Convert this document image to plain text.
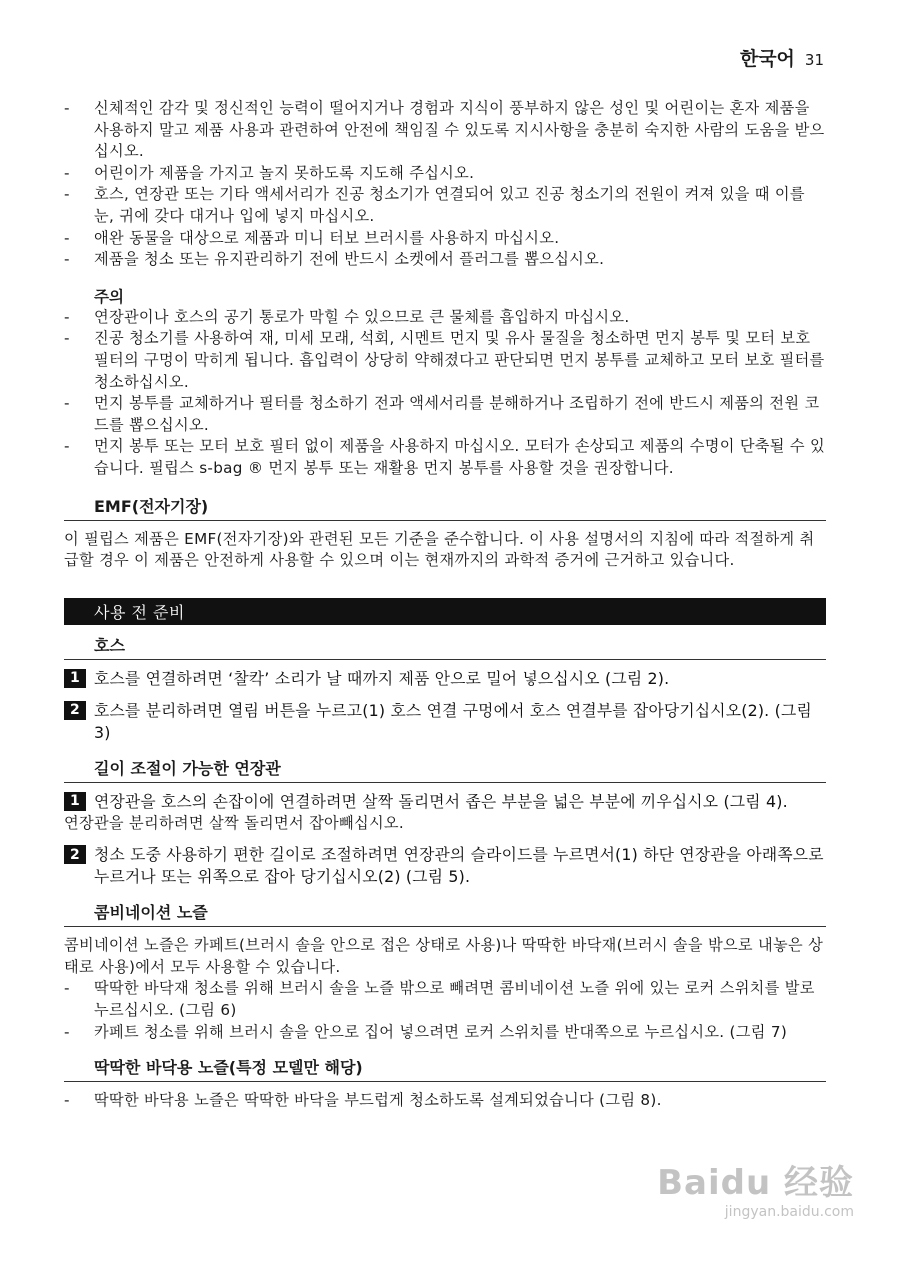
한국어 31
-	신체적인 감각 및 정신적인 능력이 떨어지거나 경험과 지식이 풍부하지 않은 성인 및 어린이는 혼자 제품을 사용하지 말고 제품 사용과 관련하여 안전에 책임질 수 있도록 지시사항을 충분히 숙지한 사람의 도움을 받으십시오.
-	어린이가 제품을 가지고 놀지 못하도록 지도해 주십시오.
-	호스, 연장관 또는 기타 액세서리가 진공 청소기가 연결되어 있고 진공 청소기의 전원이 켜져 있을 때 이를 눈, 귀에 갖다 대거나 입에 넣지 마십시오.
-	애완 동물을 대상으로 제품과 미니 터보 브러시를 사용하지 마십시오.
-	제품을 청소 또는 유지관리하기 전에 반드시 소켓에서 플러그를 뽑으십시오.
주의
-	연장관이나 호스의 공기 통로가 막힐 수 있으므로 큰 물체를 흡입하지 마십시오.
-	진공 청소기를 사용하여 재, 미세 모래, 석회, 시멘트 먼지 및 유사 물질을 청소하면 먼지 봉투 및 모터 보호 필터의 구멍이 막히게 됩니다. 흡입력이 상당히 약해졌다고 판단되면 먼지 봉투를 교체하고 모터 보호 필터를 청소하십시오.
-	먼지 봉투를 교체하거나 필터를 청소하기 전과 액세서리를 분해하거나 조립하기 전에 반드시 제품의 전원 코드를 뽑으십시오.
-	먼지 봉투 또는 모터 보호 필터 없이 제품을 사용하지 마십시오. 모터가 손상되고 제품의 수명이 단축될 수 있습니다. 필립스 s-bag ® 먼지 봉투 또는 재활용 먼지 봉투를 사용할 것을 권장합니다.
EMF(전자기장)
이 필립스 제품은 EMF(전자기장)와 관련된 모든 기준을 준수합니다. 이 사용 설명서의 지침에 따라 적절하게 취급할 경우 이 제품은 안전하게 사용할 수 있으며 이는 현재까지의 과학적 증거에 근거하고 있습니다.
사용 전 준비
호스
1 호스를 연결하려면 ‘찰칵’ 소리가 날 때까지 제품 안으로 밀어 넣으십시오 (그림 2).
2 호스를 분리하려면 열림 버튼을 누르고(1) 호스 연결 구멍에서 호스 연결부를 잡아당기십시오(2). (그림 3)
길이 조절이 가능한 연장관
1 연장관을 호스의 손잡이에 연결하려면 살짝 돌리면서 좁은 부분을 넓은 부분에 끼우십시오 (그림 4).
연장관을 분리하려면 살짝 돌리면서 잡아빼십시오.
2 청소 도중 사용하기 편한 길이로 조절하려면 연장관의 슬라이드를 누르면서(1) 하단 연장관을 아래쪽으로 누르거나 또는 위쪽으로 잡아 당기십시오(2) (그림 5).
콤비네이션 노즐
콤비네이션 노즐은 카페트(브러시 솔을 안으로 접은 상태로 사용)나 딱딱한 바닥재(브러시 솔을 밖으로 내놓은 상태로 사용)에서 모두 사용할 수 있습니다.
-	딱딱한 바닥재 청소를 위해 브러시 솔을 노즐 밖으로 빼려면 콤비네이션 노즐 위에 있는 로커 스위치를 발로 누르십시오. (그림 6)
-	카페트 청소를 위해 브러시 솔을 안으로 집어 넣으려면 로커 스위치를 반대쪽으로 누르십시오. (그림 7)
딱딱한 바닥용 노즐(특정 모델만 해당)
-	딱딱한 바닥용 노즐은 딱딱한 바닥을 부드럽게 청소하도록 설계되었습니다 (그림 8).
Baidu 经验
jingyan.baidu.com
